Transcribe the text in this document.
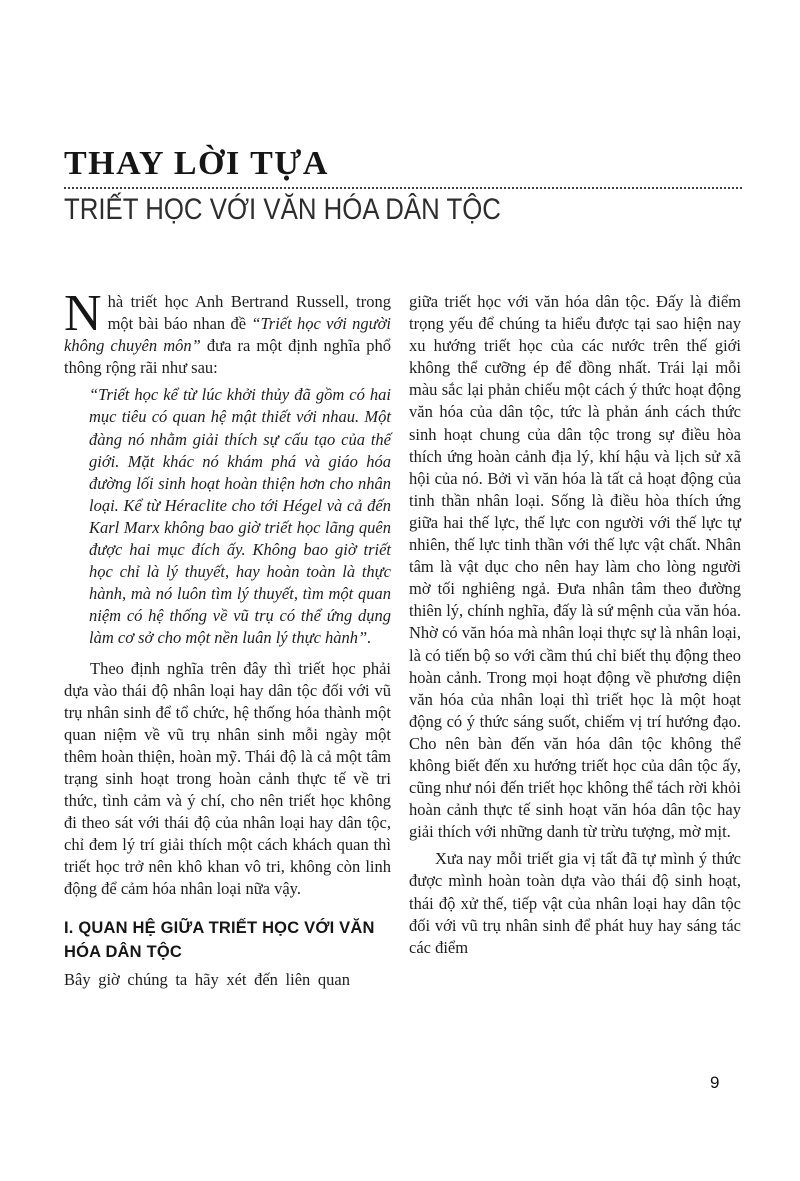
THAY LỜI TỰA
TRIẾT HỌC VỚI VĂN HÓA DÂN TỘC

Nhà triết học Anh Bertrand Russell, trong một bài báo nhan đề “Triết học với người không chuyên môn” đưa ra một định nghĩa phổ thông rộng rãi như sau:

“Triết học kể từ lúc khởi thủy đã gồm có hai mục tiêu có quan hệ mật thiết với nhau. Một đàng nó nhằm giải thích sự cấu tạo của thế giới. Mặt khác nó khám phá và giáo hóa đường lối sinh hoạt hoàn thiện hơn cho nhân loại. Kể từ Héraclite cho tới Hégel và cả đến Karl Marx không bao giờ triết học lãng quên được hai mục đích ấy. Không bao giờ triết học chỉ là lý thuyết, hay hoàn toàn là thực hành, mà nó luôn tìm lý thuyết, tìm một quan niệm có hệ thống về vũ trụ có thể ứng dụng làm cơ sở cho một nền luân lý thực hành”.

Theo định nghĩa trên đây thì triết học phải dựa vào thái độ nhân loại hay dân tộc đối với vũ trụ nhân sinh để tổ chức, hệ thống hóa thành một quan niệm về vũ trụ nhân sinh mỗi ngày một thêm hoàn thiện, hoàn mỹ. Thái độ là cả một tâm trạng sinh hoạt trong hoàn cảnh thực tế về tri thức, tình cảm và ý chí, cho nên triết học không đi theo sát với thái độ của nhân loại hay dân tộc, chỉ đem lý trí giải thích một cách khách quan thì triết học trở nên khô khan vô tri, không còn linh động để cảm hóa nhân loại nữa vậy.

I. QUAN HỆ GIỮA TRIẾT HỌC VỚI VĂN HÓA DÂN TỘC

Bây giờ chúng ta hãy xét đến liên quan

giữa triết học với văn hóa dân tộc. Đấy là điểm trọng yếu để chúng ta hiểu được tại sao hiện nay xu hướng triết học của các nước trên thế giới không thể cưỡng ép để đồng nhất. Trái lại mỗi màu sắc lại phản chiếu một cách ý thức hoạt động văn hóa của dân tộc, tức là phản ánh cách thức sinh hoạt chung của dân tộc trong sự điều hòa thích ứng hoàn cảnh địa lý, khí hậu và lịch sử xã hội của nó. Bởi vì văn hóa là tất cả hoạt động của tinh thần nhân loại. Sống là điều hòa thích ứng giữa hai thế lực, thế lực con người với thế lực tự nhiên, thế lực tinh thần với thế lực vật chất. Nhân tâm là vật dục cho nên hay làm cho lòng người mờ tối nghiêng ngả. Đưa nhân tâm theo đường thiên lý, chính nghĩa, đấy là sứ mệnh của văn hóa. Nhờ có văn hóa mà nhân loại thực sự là nhân loại, là có tiến bộ so với cầm thú chỉ biết thụ động theo hoàn cảnh. Trong mọi hoạt động về phương diện văn hóa của nhân loại thì triết học là một hoạt động có ý thức sáng suốt, chiếm vị trí hướng đạo. Cho nên bàn đến văn hóa dân tộc không thể không biết đến xu hướng triết học của dân tộc ấy, cũng như nói đến triết học không thể tách rời khỏi hoàn cảnh thực tế sinh hoạt văn hóa dân tộc hay giải thích với những danh từ trừu tượng, mờ mịt.

Xưa nay mỗi triết gia vị tất đã tự mình ý thức được mình hoàn toàn dựa vào thái độ sinh hoạt, thái độ xử thế, tiếp vật của nhân loại hay dân tộc đối với vũ trụ nhân sinh để phát huy hay sáng tác các điểm

9
